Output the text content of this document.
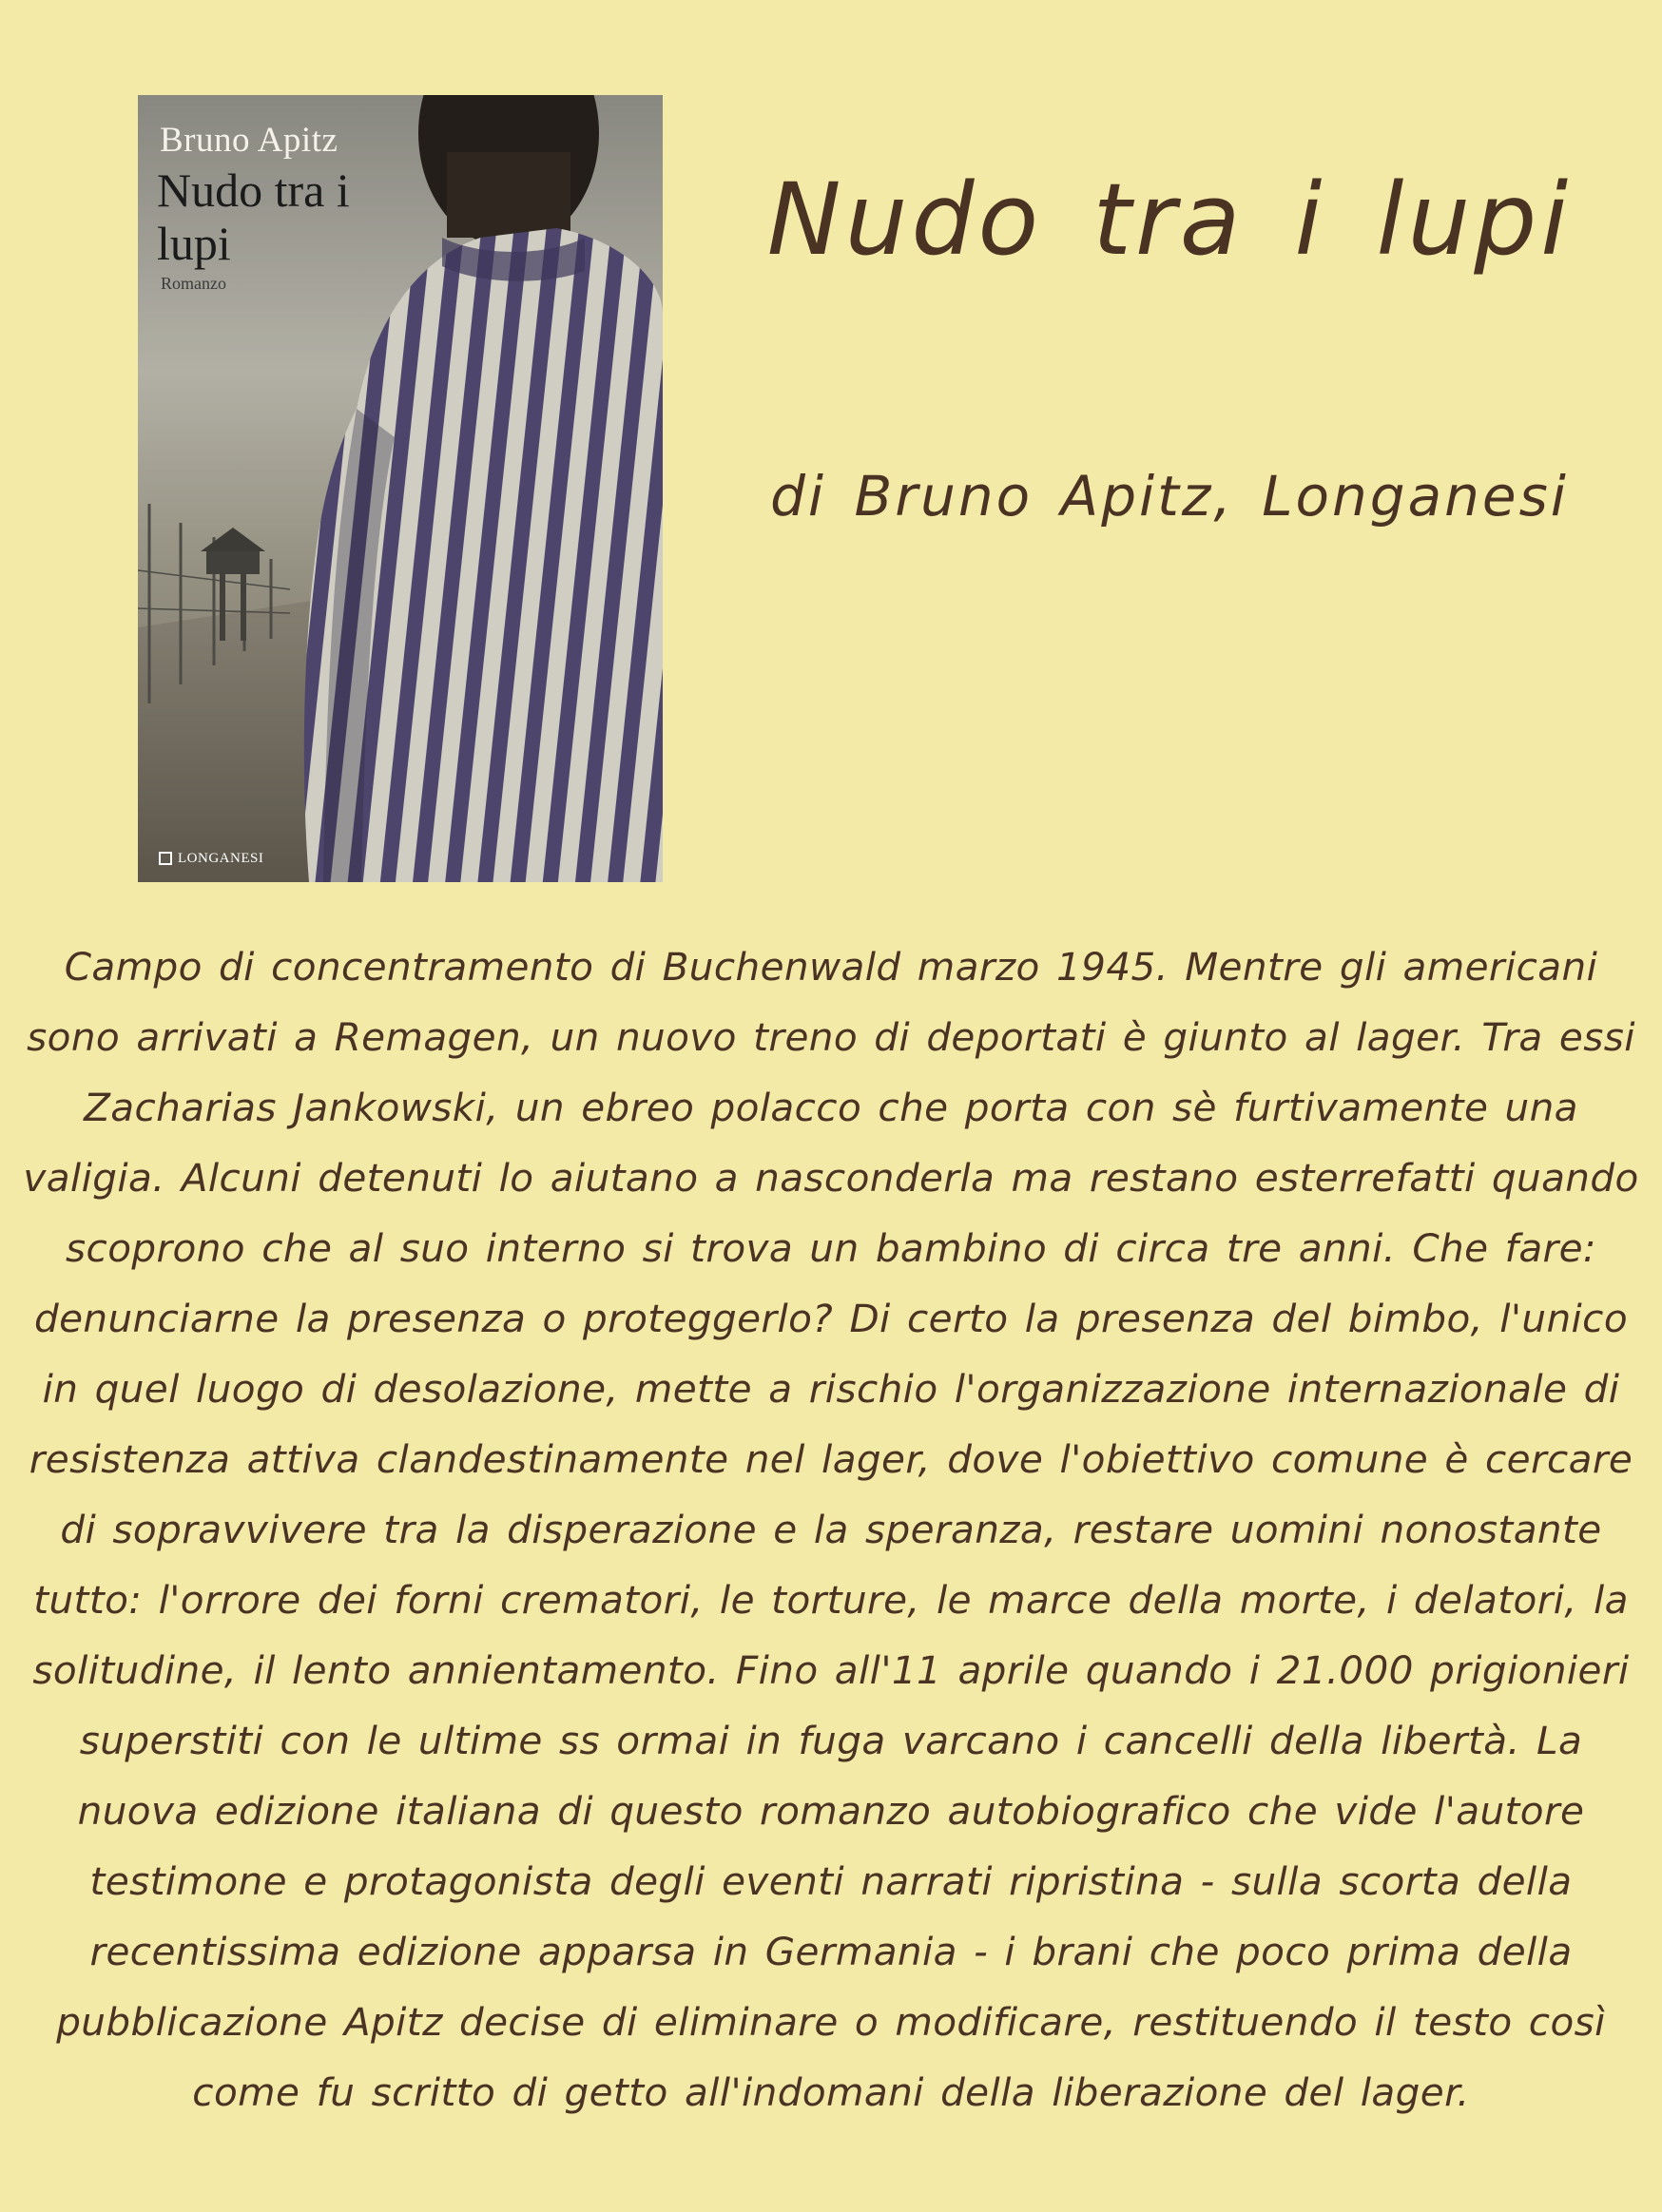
Bruno Apitz
Nudo tra i lupi
Romanzo
LONGANESI
Nudo tra i lupi
di Bruno Apitz, Longanesi

Campo di concentramento di Buchenwald marzo 1945. Mentre gli americani sono arrivati a Remagen, un nuovo treno di deportati è giunto al lager. Tra essi Zacharias Jankowski, un ebreo polacco che porta con sè furtivamente una valigia. Alcuni detenuti lo aiutano a nasconderla ma restano esterrefatti quando scoprono che al suo interno si trova un bambino di circa tre anni. Che fare: denunciarne la presenza o proteggerlo? Di certo la presenza del bimbo, l'unico in quel luogo di desolazione, mette a rischio l'organizzazione internazionale di resistenza attiva clandestinamente nel lager, dove l'obiettivo comune è cercare di sopravvivere tra la disperazione e la speranza, restare uomini nonostante tutto: l'orrore dei forni crematori, le torture, le marce della morte, i delatori, la solitudine, il lento annientamento. Fino all'11 aprile quando i 21.000 prigionieri superstiti con le ultime ss ormai in fuga varcano i cancelli della libertà. La nuova edizione italiana di questo romanzo autobiografico che vide l'autore testimone e protagonista degli eventi narrati ripristina - sulla scorta della recentissima edizione apparsa in Germania - i brani che poco prima della pubblicazione Apitz decise di eliminare o modificare, restituendo il testo così come fu scritto di getto all'indomani della liberazione del lager.
